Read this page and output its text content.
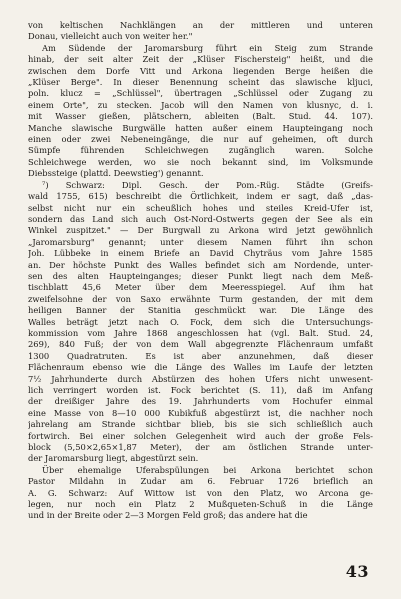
von keltischen Nachklängen an der mittleren und unteren
Donau, vielleicht auch von weiter her."
Am Südende der Jaromarsburg führt ein Steig zum Strande
hinab, der seit alter Zeit der „Klüser Fischersteig" heißt, und die
zwischen dem Dorfe Vitt und Arkona liegenden Berge heißen die
„Klüser Berge". In dieser Benennung scheint das slawische kljuci,
poln. klucz = „Schlüssel", übertragen „Schlüssel oder Zugang zu
einem Orte", zu stecken. Jacob will den Namen von klusnyc, d. i.
mit Wasser gießen, plätschern, ableiten (Balt. Stud. 44. 107).
Manche slawische Burgwälle hatten außer einem Haupteingang noch
einen oder zwei Nebeneingänge, die nur auf geheimen, oft durch
Sümpfe führenden Schleichwegen zugänglich waren. Solche
Schleichwege werden, wo sie noch bekannt sind, im Volksmunde
Diebssteige (plattd. Deewstieg') genannt.
⁷) Schwarz: Dipl. Gesch. der Pom.-Rüg. Städte (Greifs-
wald 1755, 615) beschreibt die Örtlichkeit, indem er sagt, daß „das-
selbst nicht nur ein scheußlich hohes und steiles Kreid-Ufer ist,
sondern das Land sich auch Ost-Nord-Ostwerts gegen der See als ein
Winkel zuspitzet." — Der Burgwall zu Arkona wird jetzt gewöhnlich
„Jaromarsburg" genannt; unter diesem Namen führt ihn schon
Joh. Lübbeke in einem Briefe an David Chyträus vom Jahre 1585
an. Der höchste Punkt des Walles befindet sich am Nordende, unter-
sen des alten Haupteinganges; dieser Punkt liegt nach dem Meß-
tischblatt 45,6 Meter über dem Meeresspiegel. Auf ihm hat
zweifelsohne der von Saxo erwähnte Turm gestanden, der mit dem
heiligen Banner der Stanitia geschmückt war. Die Länge des
Walles beträgt jetzt nach O. Fock, dem sich die Untersuchungs-
kommission vom Jahre 1868 angeschlossen hat (vgl. Balt. Stud. 24,
269), 840 Fuß; der von dem Wall abgegrenzte Flächenraum umfaßt
1300 Quadratruten. Es ist aber anzunehmen, daß dieser
Flächenraum ebenso wie die Länge des Walles im Laufe der letzten
7½ Jahrhunderte durch Abstürzen des hohen Ufers nicht unwesent-
lich verringert worden ist. Fock berichtet (S. 11), daß im Anfang
der dreißiger Jahre des 19. Jahrhunderts vom Hochufer einmal
eine Masse von 8—10 000 Kubikfuß abgestürzt ist, die nachher noch
jahrelang am Strande sichtbar blieb, bis sie sich schließlich auch
fortwirch. Bei einer solchen Gelegenheit wird auch der große Fels-
block (5,50×2,65×1,87 Meter), der am östlichen Strande unter-
der Jaromarsburg liegt, abgestürzt sein.
Über ehemalige Uferabspülungen bei Arkona berichtet schon
Pastor Mildahn in Zudar am 6. Februar 1726 brieflich an
A. G. Schwarz: Auf Wittow ist von den Platz, wo Arcona ge-
legen, nur noch ein Platz 2 Mußqueten-Schuß in die Länge
und in der Breite oder 2—3 Morgen Feld groß; das andere hat die
43
